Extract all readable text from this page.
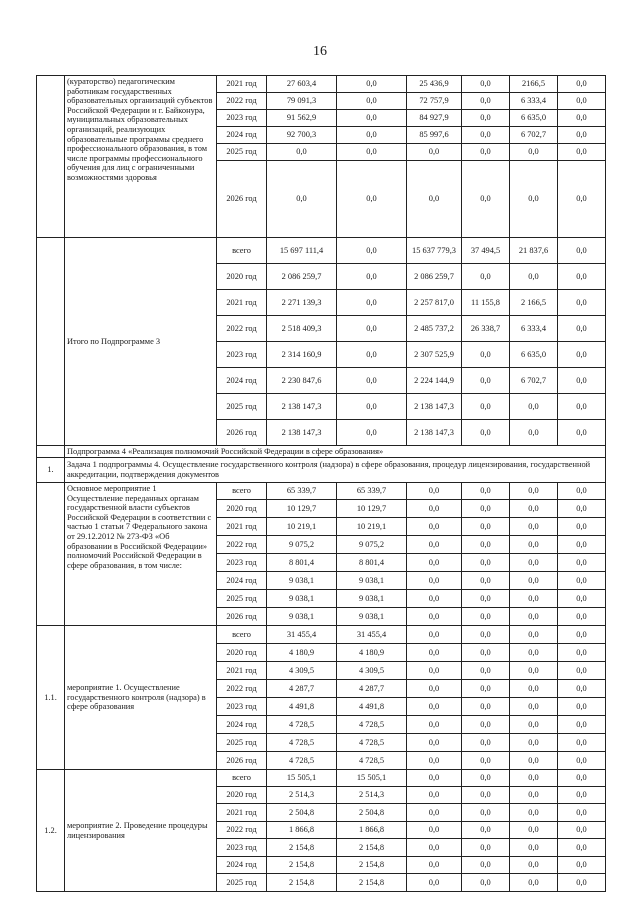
16
	(кураторство) педагогическим работникам государственных образовательных организаций субъектов Российской Федерации и г. Байконура, муниципальных образовательных организаций, реализующих образовательные программы среднего профессионального образования, в том числе программы профессионального обучения для лиц с ограниченными возможностями здоровья	2021 год	27 603,4	0,0	25 436,9	0,0	2166,5	0,0
		2022 год	79 091,3	0,0	72 757,9	0,0	6 333,4	0,0
		2023 год	91 562,9	0,0	84 927,9	0,0	6 635,0	0,0
		2024 год	92 700,3	0,0	85 997,6	0,0	6 702,7	0,0
		2025 год	0,0	0,0	0,0	0,0	0,0	0,0
		2026 год	0,0	0,0	0,0	0,0	0,0	0,0
	Итого по Подпрограмме 3	всего	15 697 111,4	0,0	15 637 779,3	37 494,5	21 837,6	0,0
		2020 год	2 086 259,7	0,0	2 086 259,7	0,0	0,0	0,0
		2021 год	2 271 139,3	0,0	2 257 817,0	11 155,8	2 166,5	0,0
		2022 год	2 518 409,3	0,0	2 485 737,2	26 338,7	6 333,4	0,0
		2023 год	2 314 160,9	0,0	2 307 525,9	0,0	6 635,0	0,0
		2024 год	2 230 847,6	0,0	2 224 144,9	0,0	6 702,7	0,0
		2025 год	2 138 147,3	0,0	2 138 147,3	0,0	0,0	0,0
		2026 год	2 138 147,3	0,0	2 138 147,3	0,0	0,0	0,0
	Подпрограмма 4 «Реализация полномочий Российской Федерации в сфере образования»							
1.	Задача 1 подпрограммы 4. Осуществление государственного контроля (надзора) в сфере образования, процедур лицензирования, государственной аккредитации, подтверждения документов							
	Основное мероприятие 1 Осуществление переданных органам государственной власти субъектов Российской Федерации в соответствии с частью 1 статьи 7 Федерального закона от 29.12.2012 № 273-ФЗ «Об образовании в Российской Федерации» полномочий Российской Федерации в сфере образования, в том числе:	всего	65 339,7	65 339,7	0,0	0,0	0,0	0,0
		2020 год	10 129,7	10 129,7	0,0	0,0	0,0	0,0
		2021 год	10 219,1	10 219,1	0,0	0,0	0,0	0,0
		2022 год	9 075,2	9 075,2	0,0	0,0	0,0	0,0
		2023 год	8 801,4	8 801,4	0,0	0,0	0,0	0,0
		2024 год	9 038,1	9 038,1	0,0	0,0	0,0	0,0
		2025 год	9 038,1	9 038,1	0,0	0,0	0,0	0,0
		2026 год	9 038,1	9 038,1	0,0	0,0	0,0	0,0
1.1.	мероприятие 1. Осуществление государственного контроля (надзора) в сфере образования	всего	31 455,4	31 455,4	0,0	0,0	0,0	0,0
		2020 год	4 180,9	4 180,9	0,0	0,0	0,0	0,0
		2021 год	4 309,5	4 309,5	0,0	0,0	0,0	0,0
		2022 год	4 287,7	4 287,7	0,0	0,0	0,0	0,0
		2023 год	4 491,8	4 491,8	0,0	0,0	0,0	0,0
		2024 год	4 728,5	4 728,5	0,0	0,0	0,0	0,0
		2025 год	4 728,5	4 728,5	0,0	0,0	0,0	0,0
		2026 год	4 728,5	4 728,5	0,0	0,0	0,0	0,0
1.2.	мероприятие 2. Проведение процедуры лицензирования	всего	15 505,1	15 505,1	0,0	0,0	0,0	0,0
		2020 год	2 514,3	2 514,3	0,0	0,0	0,0	0,0
		2021 год	2 504,8	2 504,8	0,0	0,0	0,0	0,0
		2022 год	1 866,8	1 866,8	0,0	0,0	0,0	0,0
		2023 год	2 154,8	2 154,8	0,0	0,0	0,0	0,0
		2024 год	2 154,8	2 154,8	0,0	0,0	0,0	0,0
		2025 год	2 154,8	2 154,8	0,0	0,0	0,0	0,0
